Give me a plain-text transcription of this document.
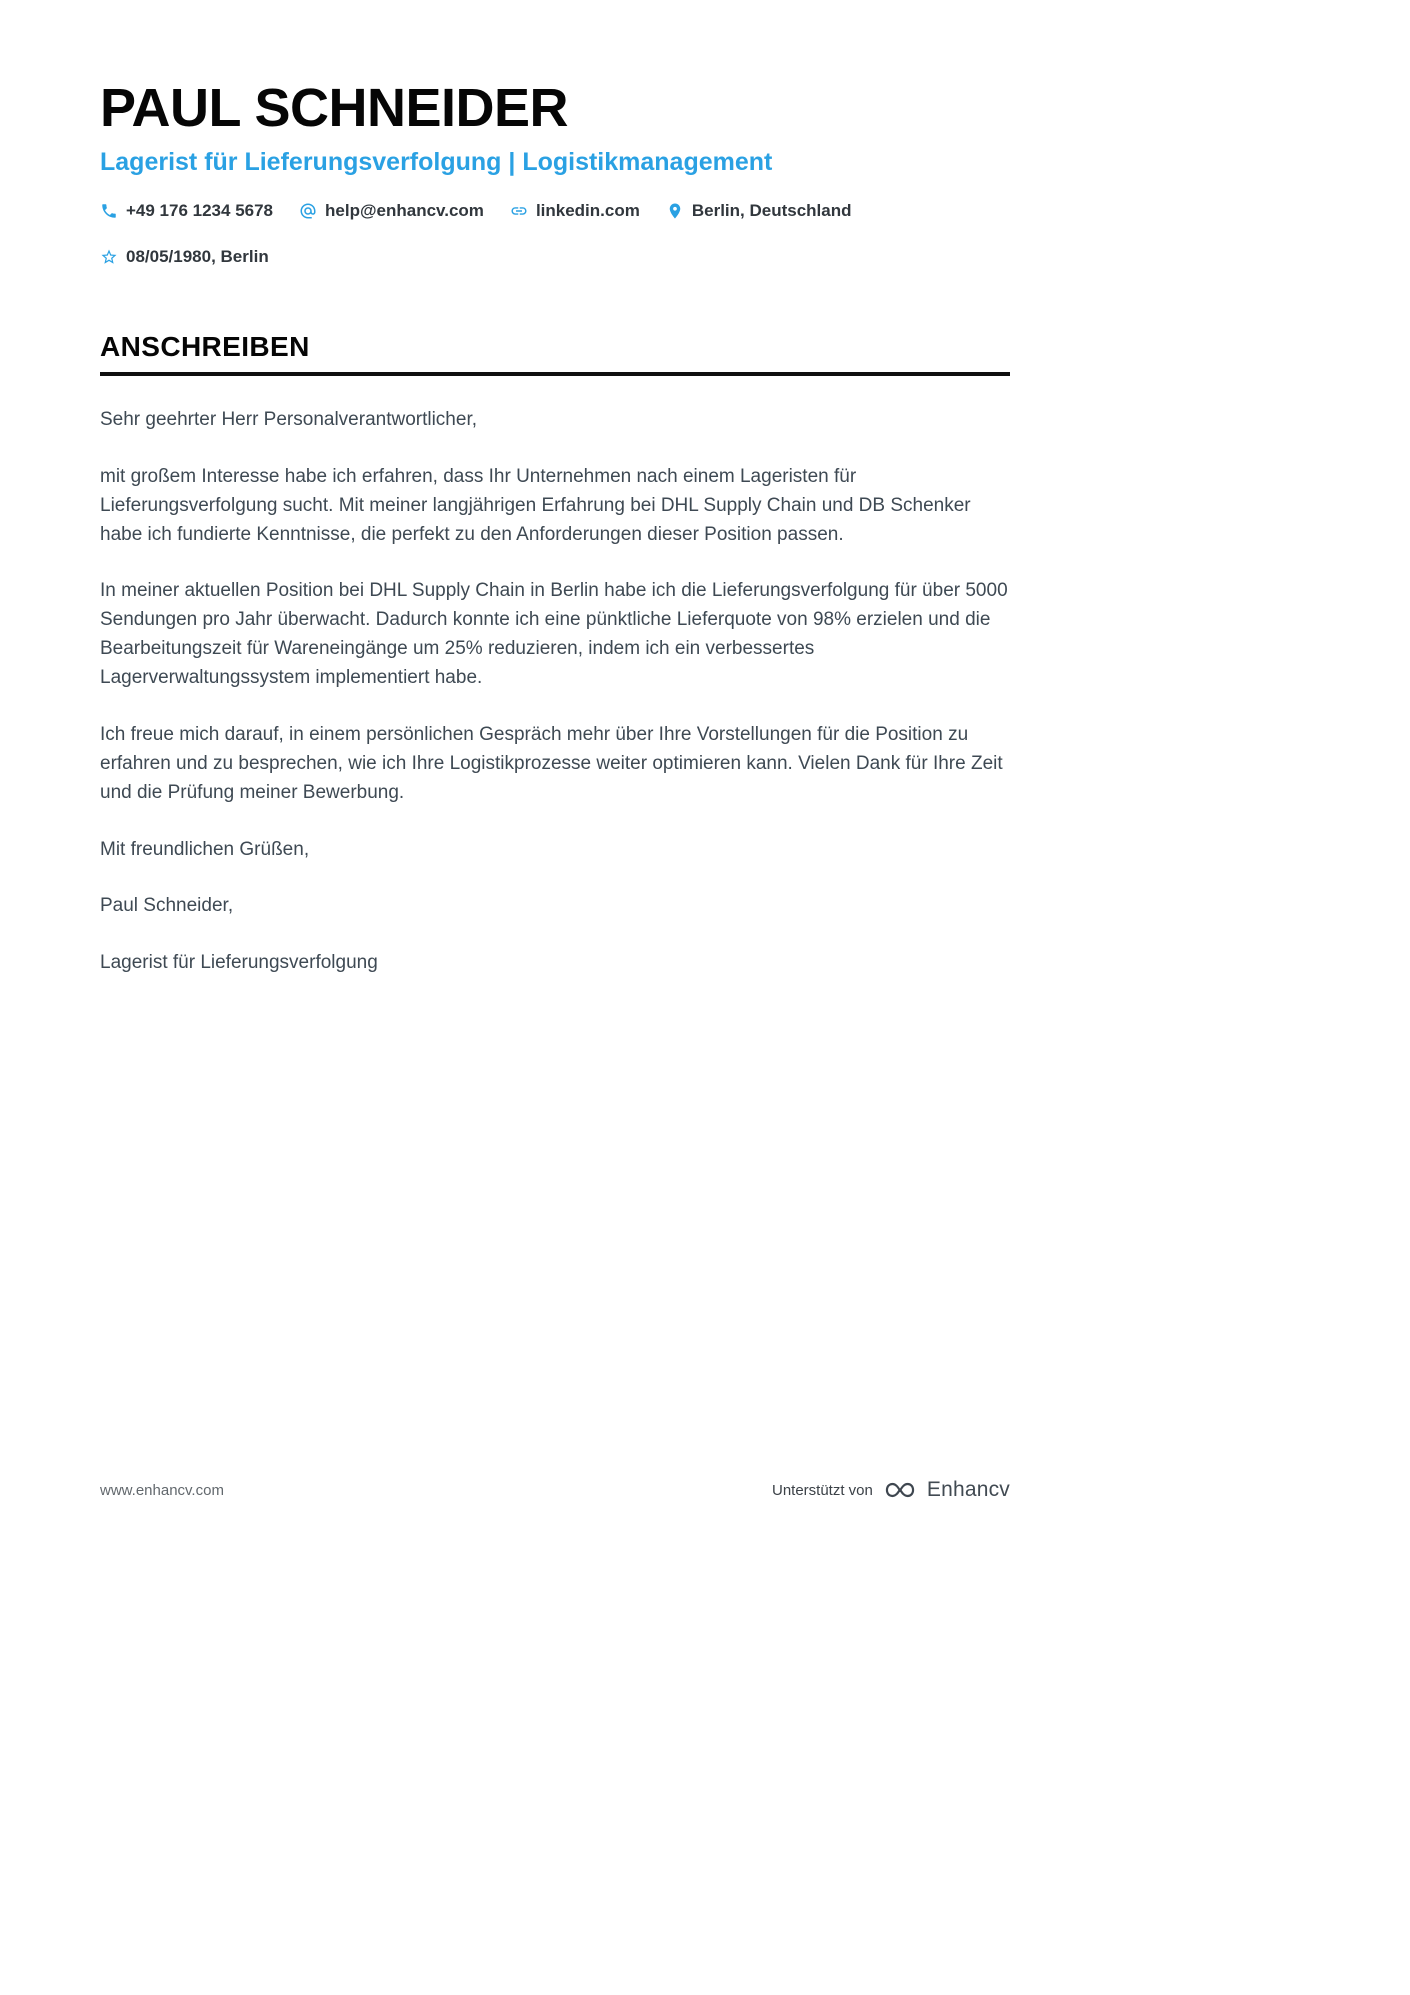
PAUL SCHNEIDER
Lagerist für Lieferungsverfolgung | Logistikmanagement
+49 176 1234 5678	help@enhancv.com	linkedin.com	Berlin, Deutschland
08/05/1980, Berlin
ANSCHREIBEN

Sehr geehrter Herr Personalverantwortlicher,

mit großem Interesse habe ich erfahren, dass Ihr Unternehmen nach einem Lageristen für Lieferungsverfolgung sucht. Mit meiner langjährigen Erfahrung bei DHL Supply Chain und DB Schenker habe ich fundierte Kenntnisse, die perfekt zu den Anforderungen dieser Position passen.

In meiner aktuellen Position bei DHL Supply Chain in Berlin habe ich die Lieferungsverfolgung für über 5000 Sendungen pro Jahr überwacht. Dadurch konnte ich eine pünktliche Lieferquote von 98% erzielen und die Bearbeitungszeit für Wareneingänge um 25% reduzieren, indem ich ein verbessertes Lagerverwaltungssystem implementiert habe.

Ich freue mich darauf, in einem persönlichen Gespräch mehr über Ihre Vorstellungen für die Position zu erfahren und zu besprechen, wie ich Ihre Logistikprozesse weiter optimieren kann. Vielen Dank für Ihre Zeit und die Prüfung meiner Bewerbung.

Mit freundlichen Grüßen,

Paul Schneider,

Lagerist für Lieferungsverfolgung

www.enhancv.com	Unterstützt von	Enhancv
